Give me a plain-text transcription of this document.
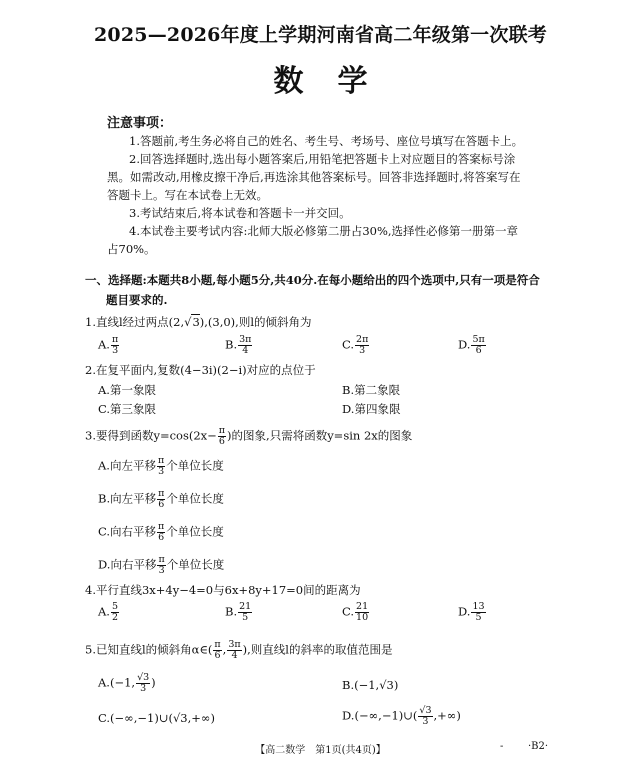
2025—2026年度上学期河南省高二年级第一次联考
数学
注意事项：
1.答题前,考生务必将自己的姓名、考生号、考场号、座位号填写在答题卡上。
2.回答选择题时,选出每小题答案后,用铅笔把答题卡上对应题目的答案标号涂
黑。如需改动,用橡皮擦干净后,再选涂其他答案标号。回答非选择题时,将答案写在
答题卡上。写在本试卷上无效。
3.考试结束后,将本试卷和答题卡一并交回。
4.本试卷主要考试内容:北师大版必修第二册占30%,选择性必修第一册第一章
占70%。
一、选择题:本题共8小题,每小题5分,共40分.在每小题给出的四个选项中,只有一项是符合
题目要求的.
1.直线l经过两点(2,√3),(3,0),则l的倾斜角为
A. $\frac{\pi}{3}$	B. $\frac{3\pi}{4}$	C. $\frac{2\pi}{3}$	D. $\frac{5\pi}{6}$
2.在复平面内,复数(4−3i)(2−i)对应的点位于
A.第一象限	B.第二象限
C.第三象限	D.第四象限
3.要得到函数$y=\cos(2x- \frac{\pi}{6}$ )的图象,只需将函数y=sin 2x的图象
A.向左平移 $\frac{\pi}{3}$ 个单位长度
B.向左平移 $\frac{\pi}{6}$ 个单位长度
C.向右平移 $\frac{\pi}{6}$ 个单位长度
D.向右平移 $\frac{\pi}{3}$ 个单位长度
4.平行直线3x+4y−4=0与6x+8y+17=0间的距离为
A. $\frac{5}{2}$	B. $\frac{21}{5}$	C. $\frac{21}{10}$	D. $\frac{13}{5}$
5.已知直线l的倾斜角α∈( $\frac{\pi}{6}$ , $\frac{3\pi}{4}$ ),则直线l的斜率的取值范围是
A.(−1, $\frac{√3}{3}$ )	B.(−1,√3)
C.(−∞,−1)∪(√3,+∞)	D.(−∞,−1)∪( $\frac{√3}{3}$ ,+∞)
【高二数学　第1页(共4页)】	- ·B2·
